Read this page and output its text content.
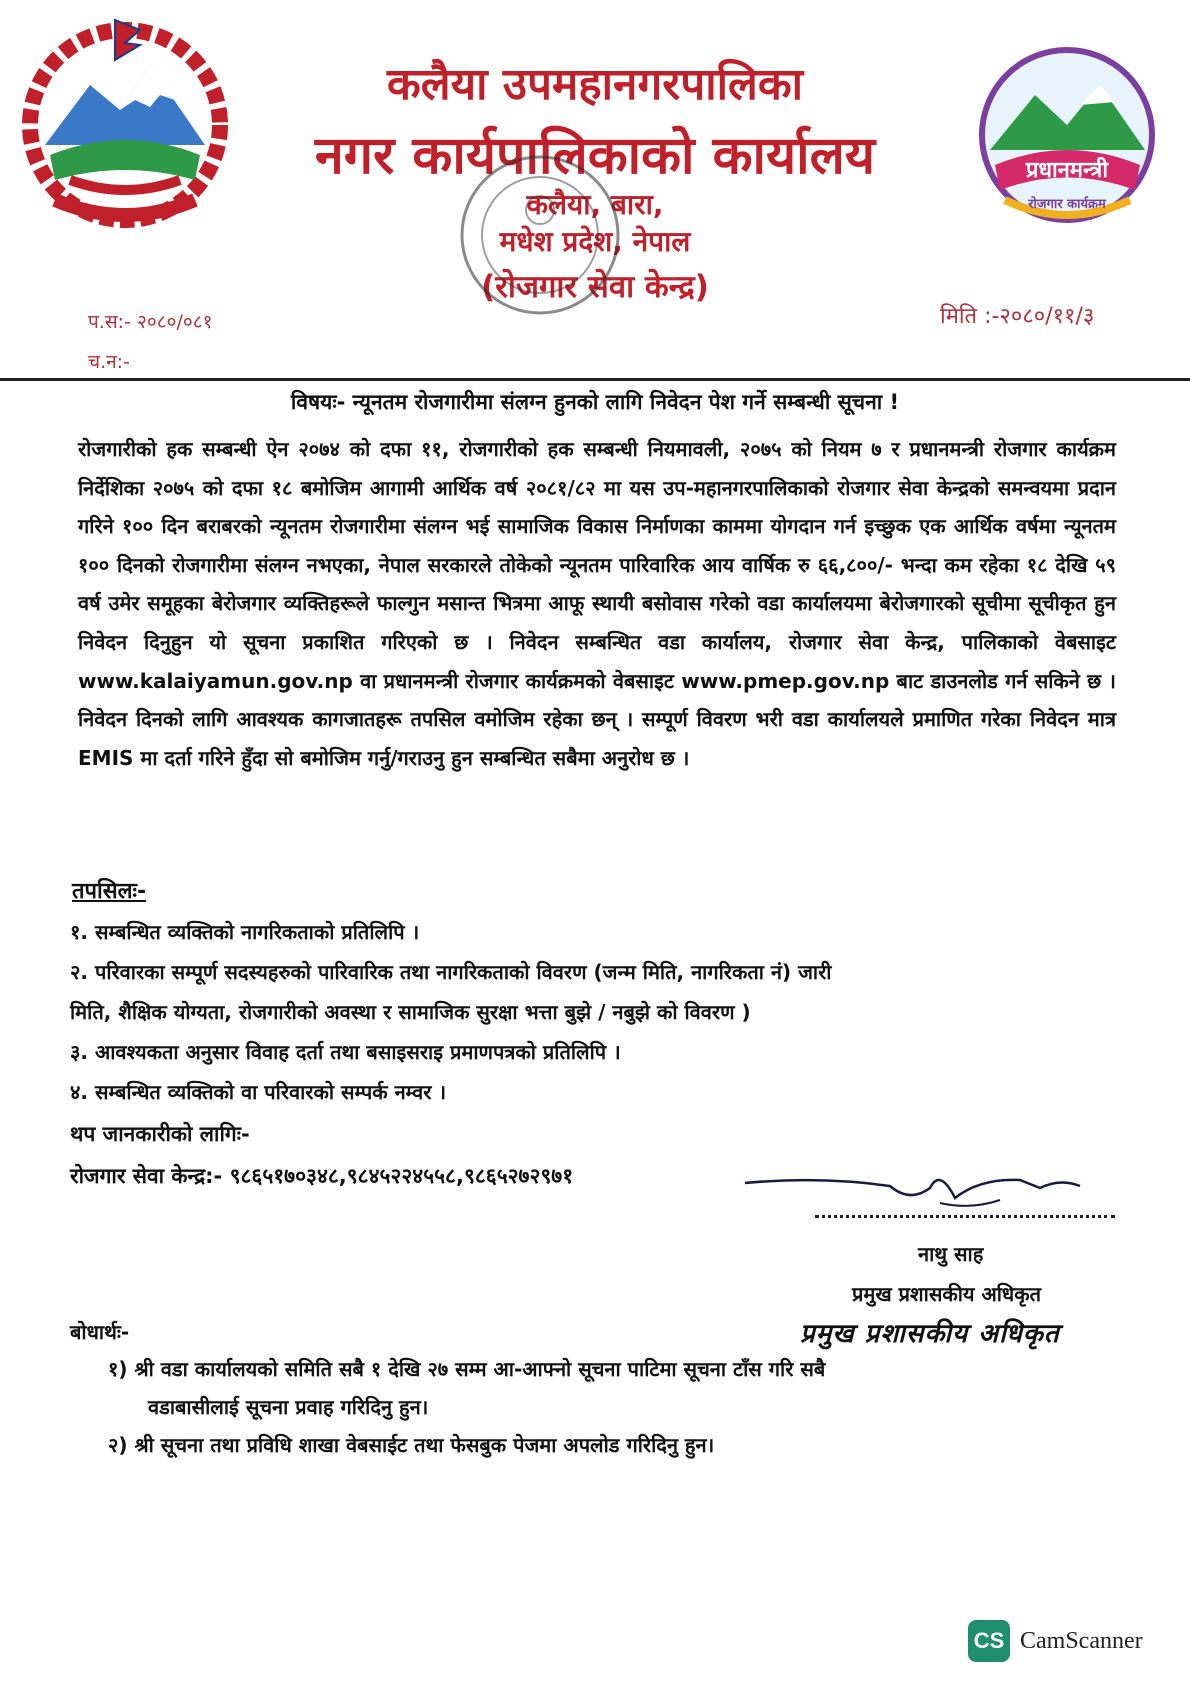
प्रधानमन्त्री
रोजगार कार्यक्रम
कलैया उपमहानगरपालिका
नगर कार्यपालिकाको कार्यालय
कलैया, बारा,
मधेश प्रदेश, नेपाल
(रोजगार सेवा केन्द्र)
प.स:- २०८०/०८१
च.न:-
मिति :-२०८०/११/३
विषयः- न्यूनतम रोजगारीमा संलग्न हुनको लागि निवेदन पेश गर्ने सम्बन्धी सूचना !
रोजगारीको हक सम्बन्धी ऐन २०७४ को दफा ११, रोजगारीको हक सम्बन्धी नियमावली, २०७५ को नियम ७ र प्रधानमन्त्री रोजगार कार्यक्रम निर्देशिका २०७५ को दफा १८ बमोजिम आगामी आर्थिक वर्ष २०८१/८२ मा यस उप-महानगरपालिकाको रोजगार सेवा केन्द्रको समन्वयमा प्रदान गरिने १०० दिन बराबरको न्यूनतम रोजगारीमा संलग्न भई सामाजिक विकास निर्माणका काममा योगदान गर्न इच्छुक एक आर्थिक वर्षमा न्यूनतम १०० दिनको रोजगारीमा संलग्न नभएका, नेपाल सरकारले तोकेको न्यूनतम पारिवारिक आय वार्षिक रु ६६,८००/- भन्दा कम रहेका १८ देखि ५९ वर्ष उमेर समूहका बेरोजगार व्यक्तिहरूले फाल्गुन मसान्त भित्रमा आफू स्थायी बसोवास गरेको वडा कार्यालयमा बेरोजगारको सूचीमा सूचीकृत हुन निवेदन दिनुहुन यो सूचना प्रकाशित गरिएको छ । निवेदन सम्बन्धित वडा कार्यालय, रोजगार सेवा केन्द्र, पालिकाको वेबसाइट www.kalaiyamun.gov.np वा प्रधानमन्त्री रोजगार कार्यक्रमको वेबसाइट www.pmep.gov.np बाट डाउनलोड गर्न सकिने छ । निवेदन दिनको लागि आवश्यक कागजातहरू तपसिल वमोजिम रहेका छन् । सम्पूर्ण विवरण भरी वडा कार्यालयले प्रमाणित गरेका निवेदन मात्र EMIS मा दर्ता गरिने हुँदा सो बमोजिम गर्नु/गराउनु हुन सम्बन्धित सबैमा अनुरोध छ ।
तपसिलः-
१. सम्बन्धित व्यक्तिको नागरिकताको प्रतिलिपि ।
२. परिवारका सम्पूर्ण सदस्यहरुको पारिवारिक तथा नागरिकताको विवरण (जन्म मिति, नागरिकता नं) जारी
मिति, शैक्षिक योग्यता, रोजगारीको अवस्था र सामाजिक सुरक्षा भत्ता बुझे / नबुझे को विवरण )
३. आवश्यकता अनुसार विवाह दर्ता तथा बसाइसराइ प्रमाणपत्रको प्रतिलिपि ।
४. सम्बन्धित व्यक्तिको वा परिवारको सम्पर्क नम्वर ।
थप जानकारीको लागिः-
रोजगार सेवा केन्द्र:- ९८६५१७०३४८,९८४५२२४५५८,९८६५२७२९७१
नाथु साह
प्रमुख प्रशासकीय अधिकृत
प्रमुख प्रशासकीय अधिकृत
बोधार्थः-
१) श्री वडा कार्यालयको समिति सबै १ देखि २७ सम्म आ-आफ्नो सूचना पाटिमा सूचना टाँस गरि सबै
वडाबासीलाई सूचना प्रवाह गरिदिनु हुन।
२) श्री सूचना तथा प्रविधि शाखा वेबसाईट तथा फेसबुक पेजमा अपलोड गरिदिनु हुन।
CS CamScanner
